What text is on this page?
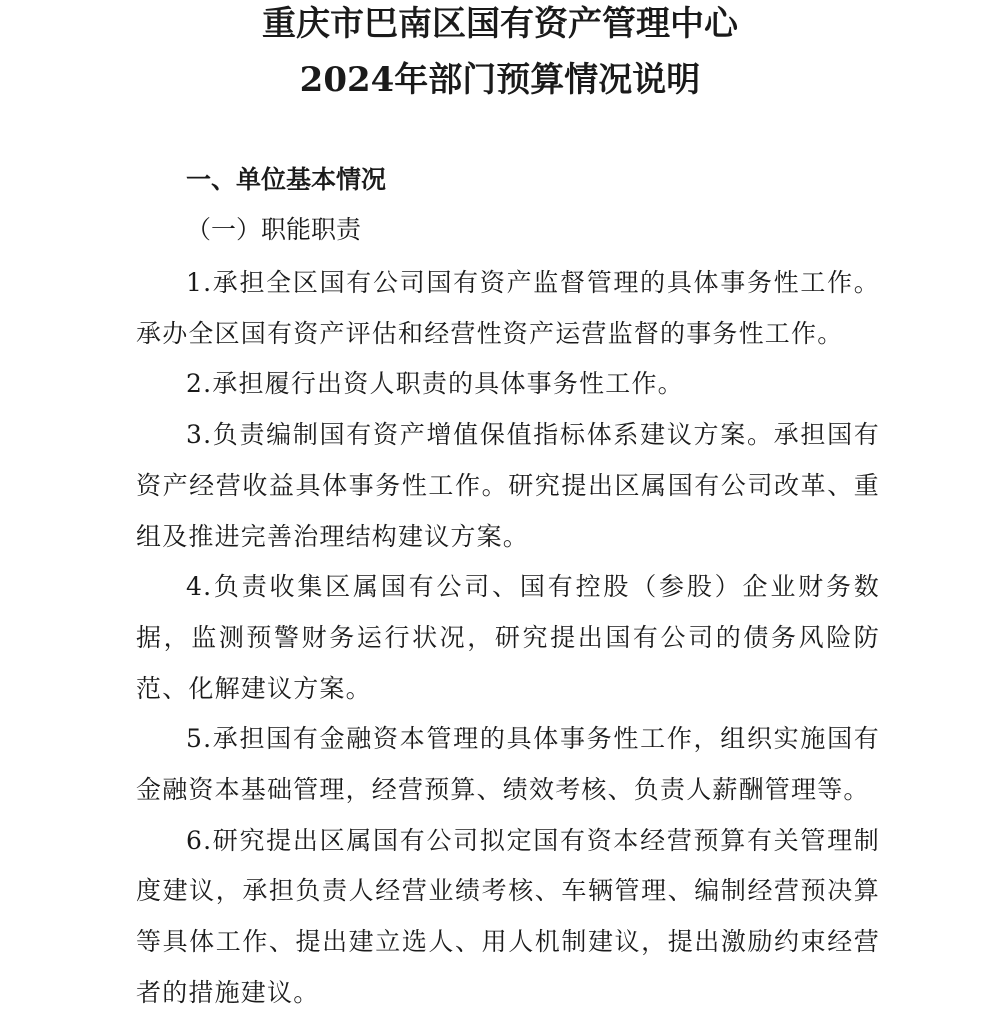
重庆市巴南区国有资产管理中心
2024年部门预算情况说明
一、单位基本情况
（一）职能职责

1.承担全区国有公司国有资产监督管理的具体事务性工作。承办全区国有资产评估和经营性资产运营监督的事务性工作。

2.承担履行出资人职责的具体事务性工作。

3.负责编制国有资产增值保值指标体系建议方案。承担国有资产经营收益具体事务性工作。研究提出区属国有公司改革、重组及推进完善治理结构建议方案。

4.负责收集区属国有公司、国有控股（参股）企业财务数据，监测预警财务运行状况，研究提出国有公司的债务风险防范、化解建议方案。

5.承担国有金融资本管理的具体事务性工作，组织实施国有金融资本基础管理，经营预算、绩效考核、负责人薪酬管理等。

6.研究提出区属国有公司拟定国有资本经营预算有关管理制度建议，承担负责人经营业绩考核、车辆管理、编制经营预决算等具体工作、提出建立选人、用人机制建议，提出激励约束经营者的措施建议。
